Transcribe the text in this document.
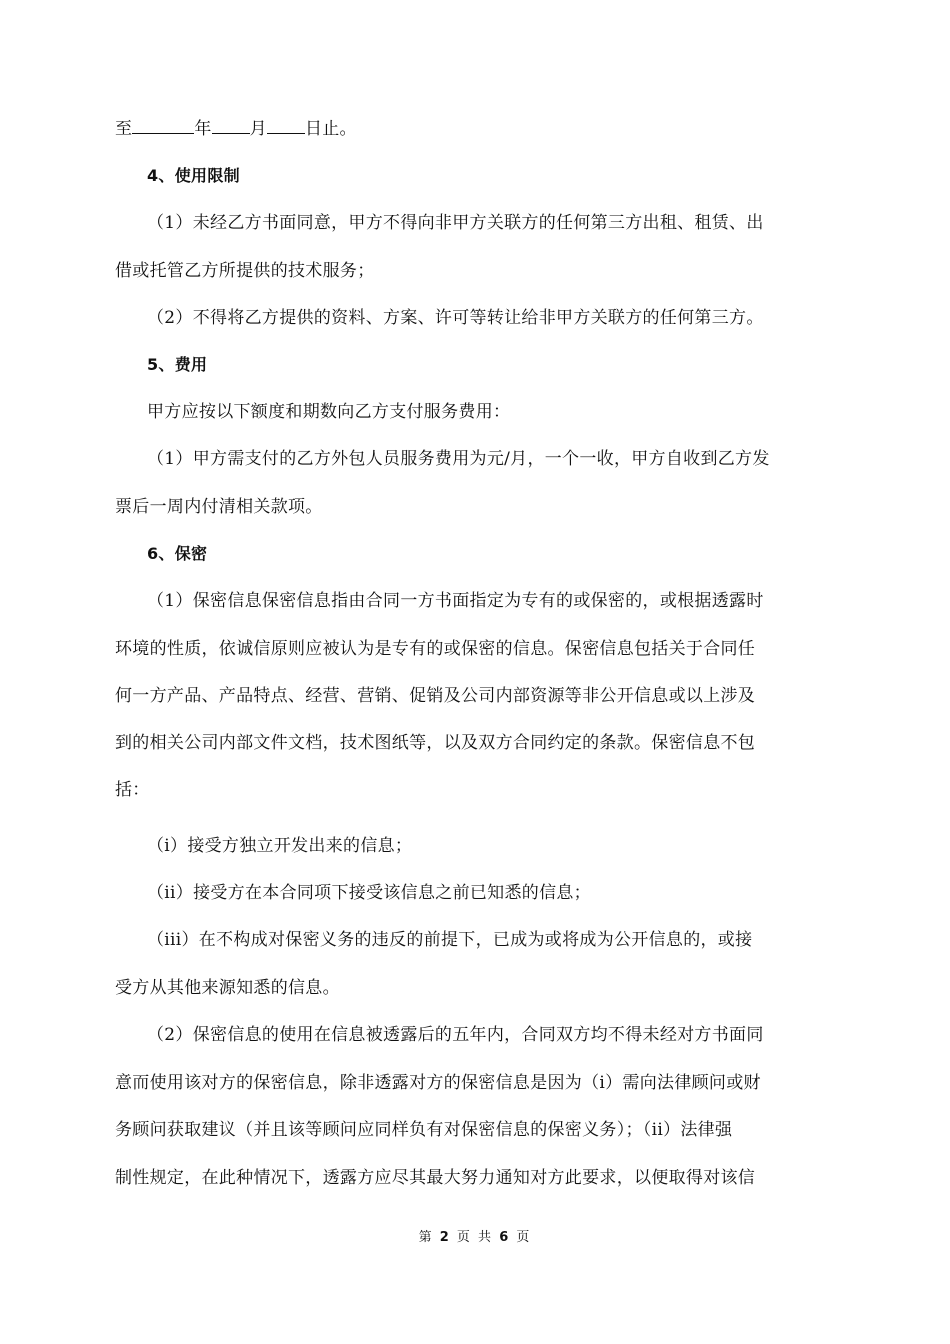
至	年 月 日止。
4、使用限制
（1）未经乙方书面同意，甲方不得向非甲方关联方的任何第三方出租、租赁、出
借或托管乙方所提供的技术服务；
（2）不得将乙方提供的资料、方案、许可等转让给非甲方关联方的任何第三方。
5、费用
甲方应按以下额度和期数向乙方支付服务费用：
（1）甲方需支付的乙方外包人员服务费用为元/月，一个一收，甲方自收到乙方发
票后一周内付清相关款项。
6、保密
（1）保密信息保密信息指由合同一方书面指定为专有的或保密的，或根据透露时
环境的性质，依诚信原则应被认为是专有的或保密的信息。保密信息包括关于合同任
何一方产品、产品特点、经营、营销、促销及公司内部资源等非公开信息或以上涉及
到的相关公司内部文件文档，技术图纸等，以及双方合同约定的条款。保密信息不包
括：
（i）接受方独立开发出来的信息；
（ii）接受方在本合同项下接受该信息之前已知悉的信息；
（iii）在不构成对保密义务的违反的前提下，已成为或将成为公开信息的，或接
受方从其他来源知悉的信息。
（2）保密信息的使用在信息被透露后的五年内，合同双方均不得未经对方书面同
意而使用该对方的保密信息，除非透露对方的保密信息是因为（i）需向法律顾问或财
务顾问获取建议（并且该等顾问应同样负有对保密信息的保密义务）；（ii）法律强
制性规定，在此种情况下，透露方应尽其最大努力通知对方此要求，以便取得对该信
第 2 页 共 6 页
